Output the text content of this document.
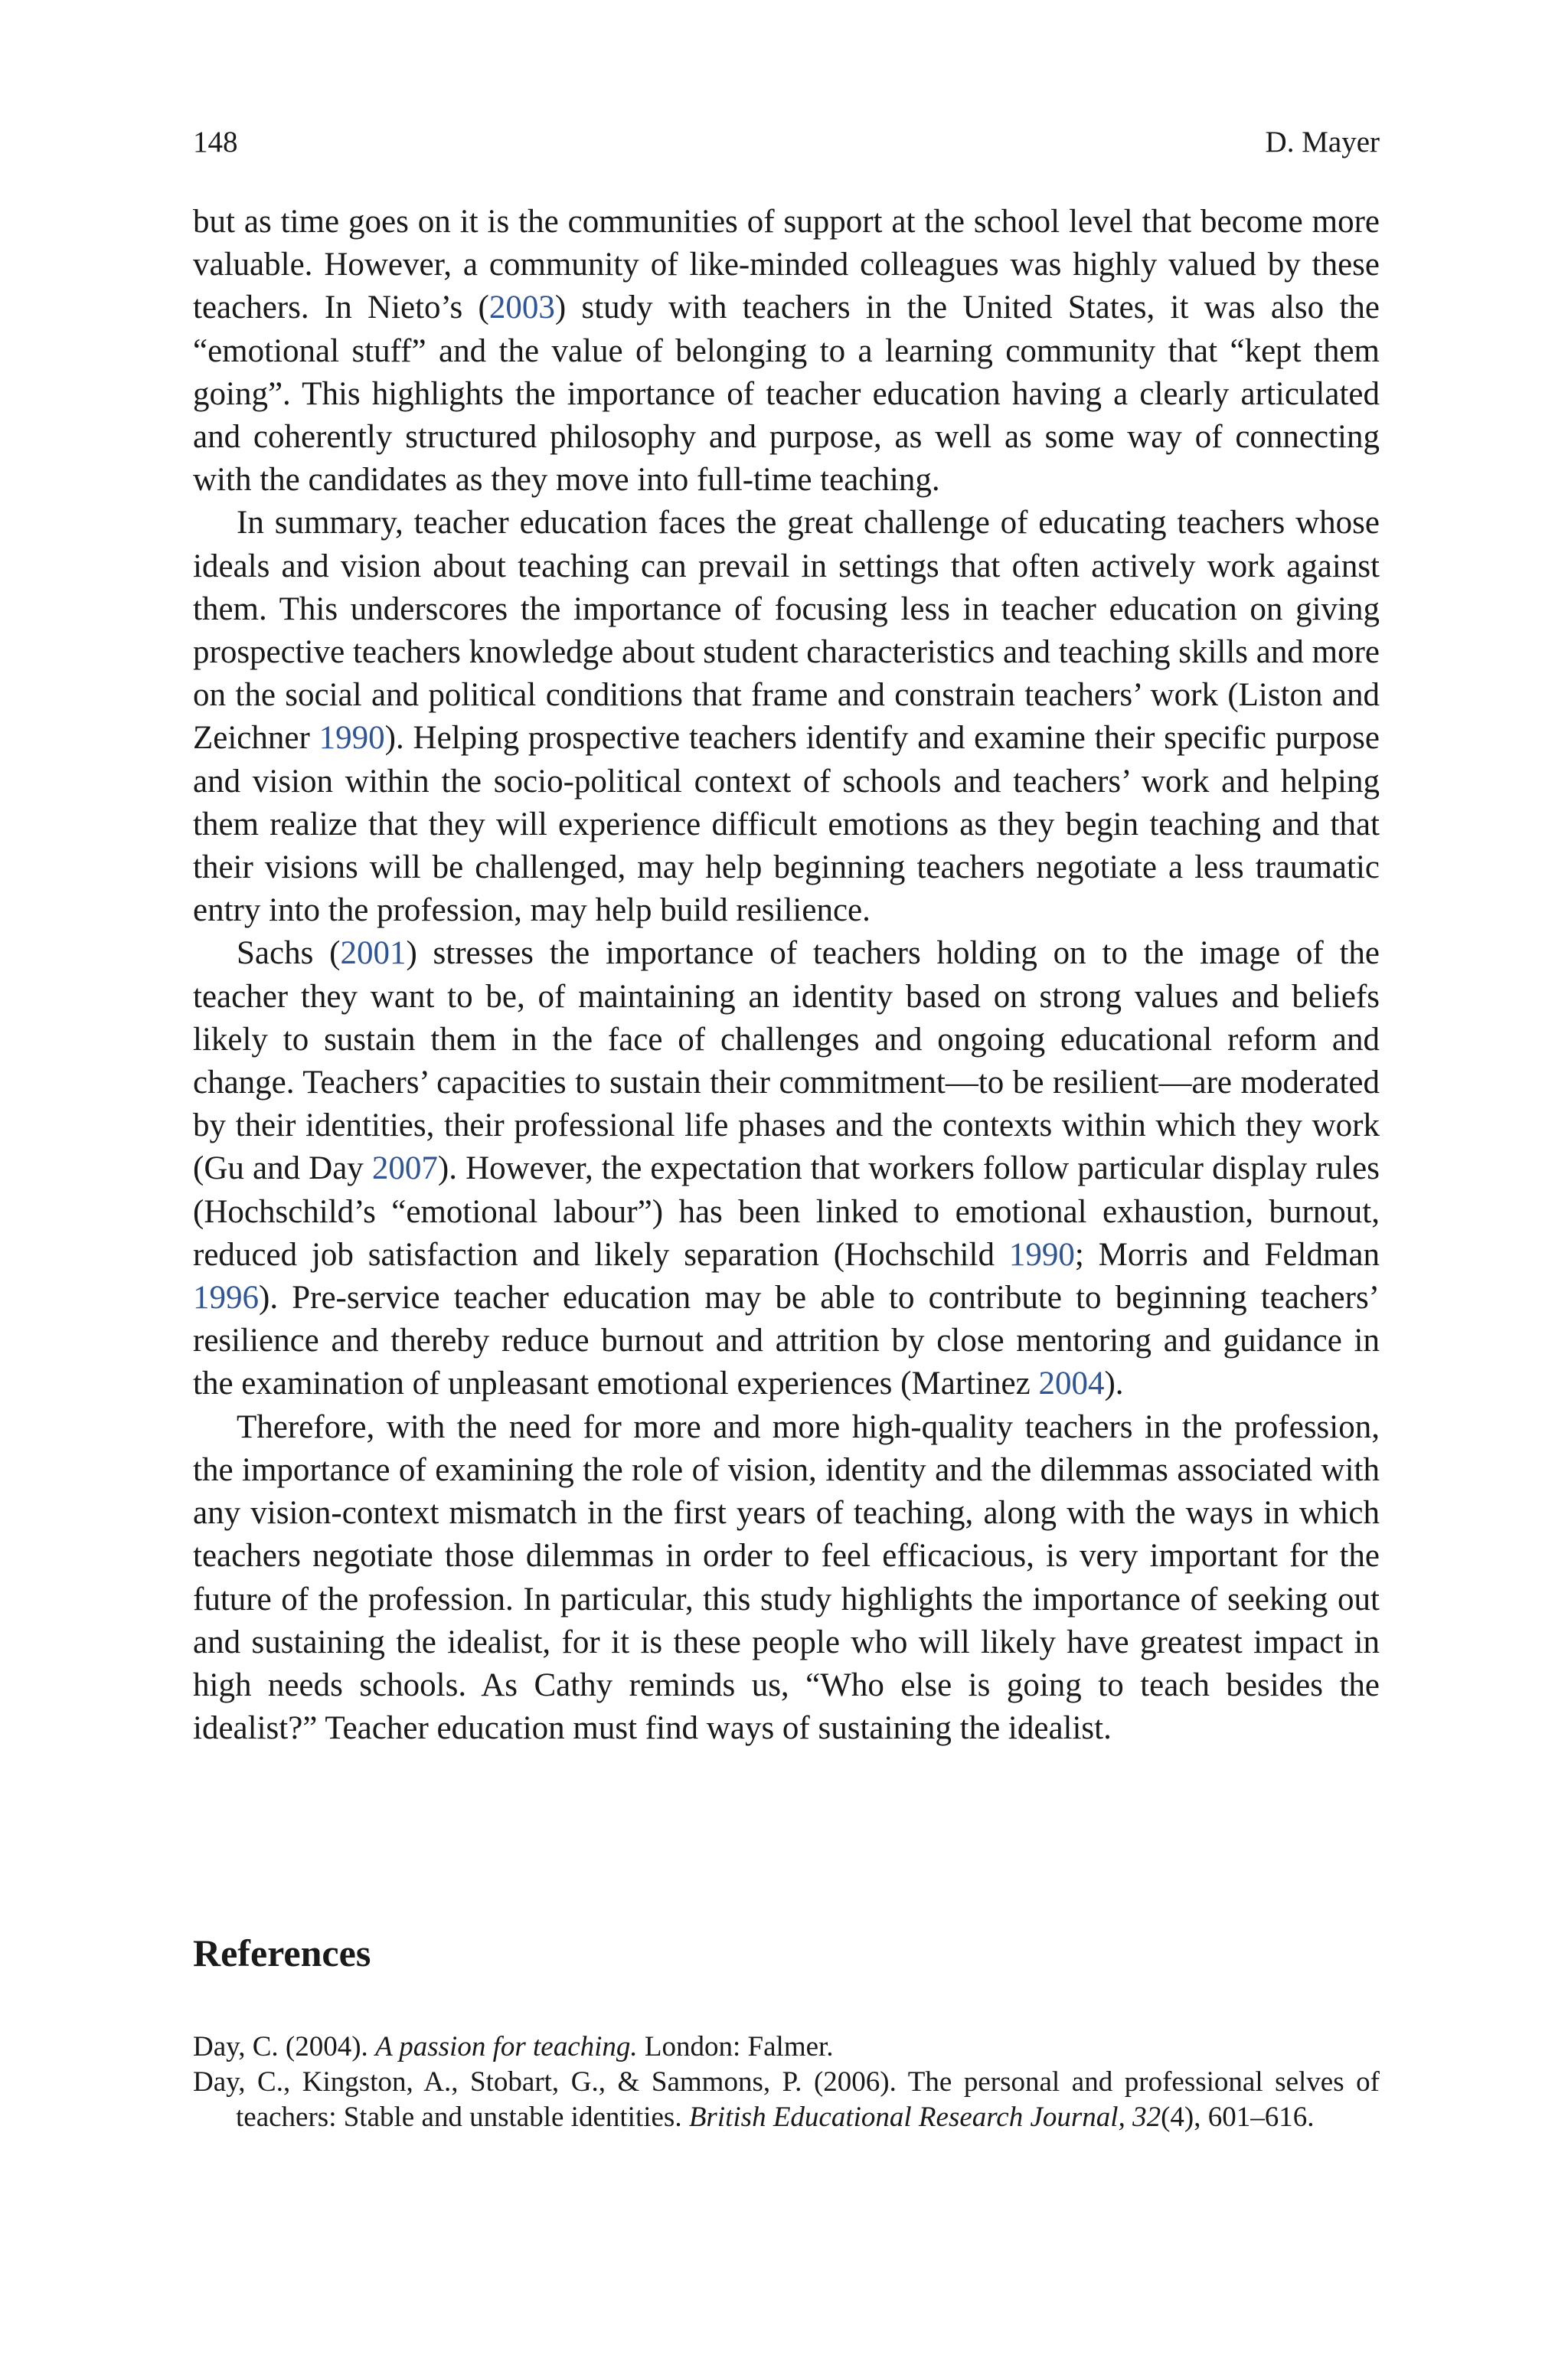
148	D. Mayer

but as time goes on it is the communities of support at the school level that become more valuable. However, a community of like-minded colleagues was highly valued by these teachers. In Nieto’s (2003) study with teachers in the United States, it was also the “emotional stuff” and the value of belonging to a learning community that “kept them going”. This highlights the importance of teacher education having a clearly articulated and coherently structured philosophy and purpose, as well as some way of connecting with the candidates as they move into full-time teaching.

In summary, teacher education faces the great challenge of educating teachers whose ideals and vision about teaching can prevail in settings that often actively work against them. This underscores the importance of focusing less in teacher education on giving prospective teachers knowledge about student characteristics and teaching skills and more on the social and political conditions that frame and constrain teachers’ work (Liston and Zeichner 1990). Helping prospective teachers identify and examine their specific purpose and vision within the socio-political context of schools and teachers’ work and helping them realize that they will experience difficult emotions as they begin teaching and that their visions will be challenged, may help beginning teachers negotiate a less traumatic entry into the profession, may help build resilience.

Sachs (2001) stresses the importance of teachers holding on to the image of the teacher they want to be, of maintaining an identity based on strong values and beliefs likely to sustain them in the face of challenges and ongoing educational reform and change. Teachers’ capacities to sustain their commitment—to be resilient—are moderated by their identities, their professional life phases and the contexts within which they work (Gu and Day 2007). However, the expectation that workers follow particular display rules (Hochschild’s “emotional labour”) has been linked to emotional exhaustion, burnout, reduced job satisfaction and likely separation (Hochschild 1990; Morris and Feldman 1996). Pre-service teacher education may be able to contribute to beginning teachers’ resilience and thereby reduce burnout and attrition by close mentoring and guidance in the examination of unpleasant emotional experiences (Martinez 2004).

Therefore, with the need for more and more high-quality teachers in the profession, the importance of examining the role of vision, identity and the dilemmas associated with any vision-context mismatch in the first years of teaching, along with the ways in which teachers negotiate those dilemmas in order to feel efficacious, is very important for the future of the profession. In particular, this study highlights the importance of seeking out and sustaining the idealist, for it is these people who will likely have greatest impact in high needs schools. As Cathy reminds us, “Who else is going to teach besides the idealist?” Teacher education must find ways of sustaining the idealist.

References

Day, C. (2004). A passion for teaching. London: Falmer.

Day, C., Kingston, A., Stobart, G., & Sammons, P. (2006). The personal and professional selves of teachers: Stable and unstable identities. British Educational Research Journal, 32(4), 601–616.
